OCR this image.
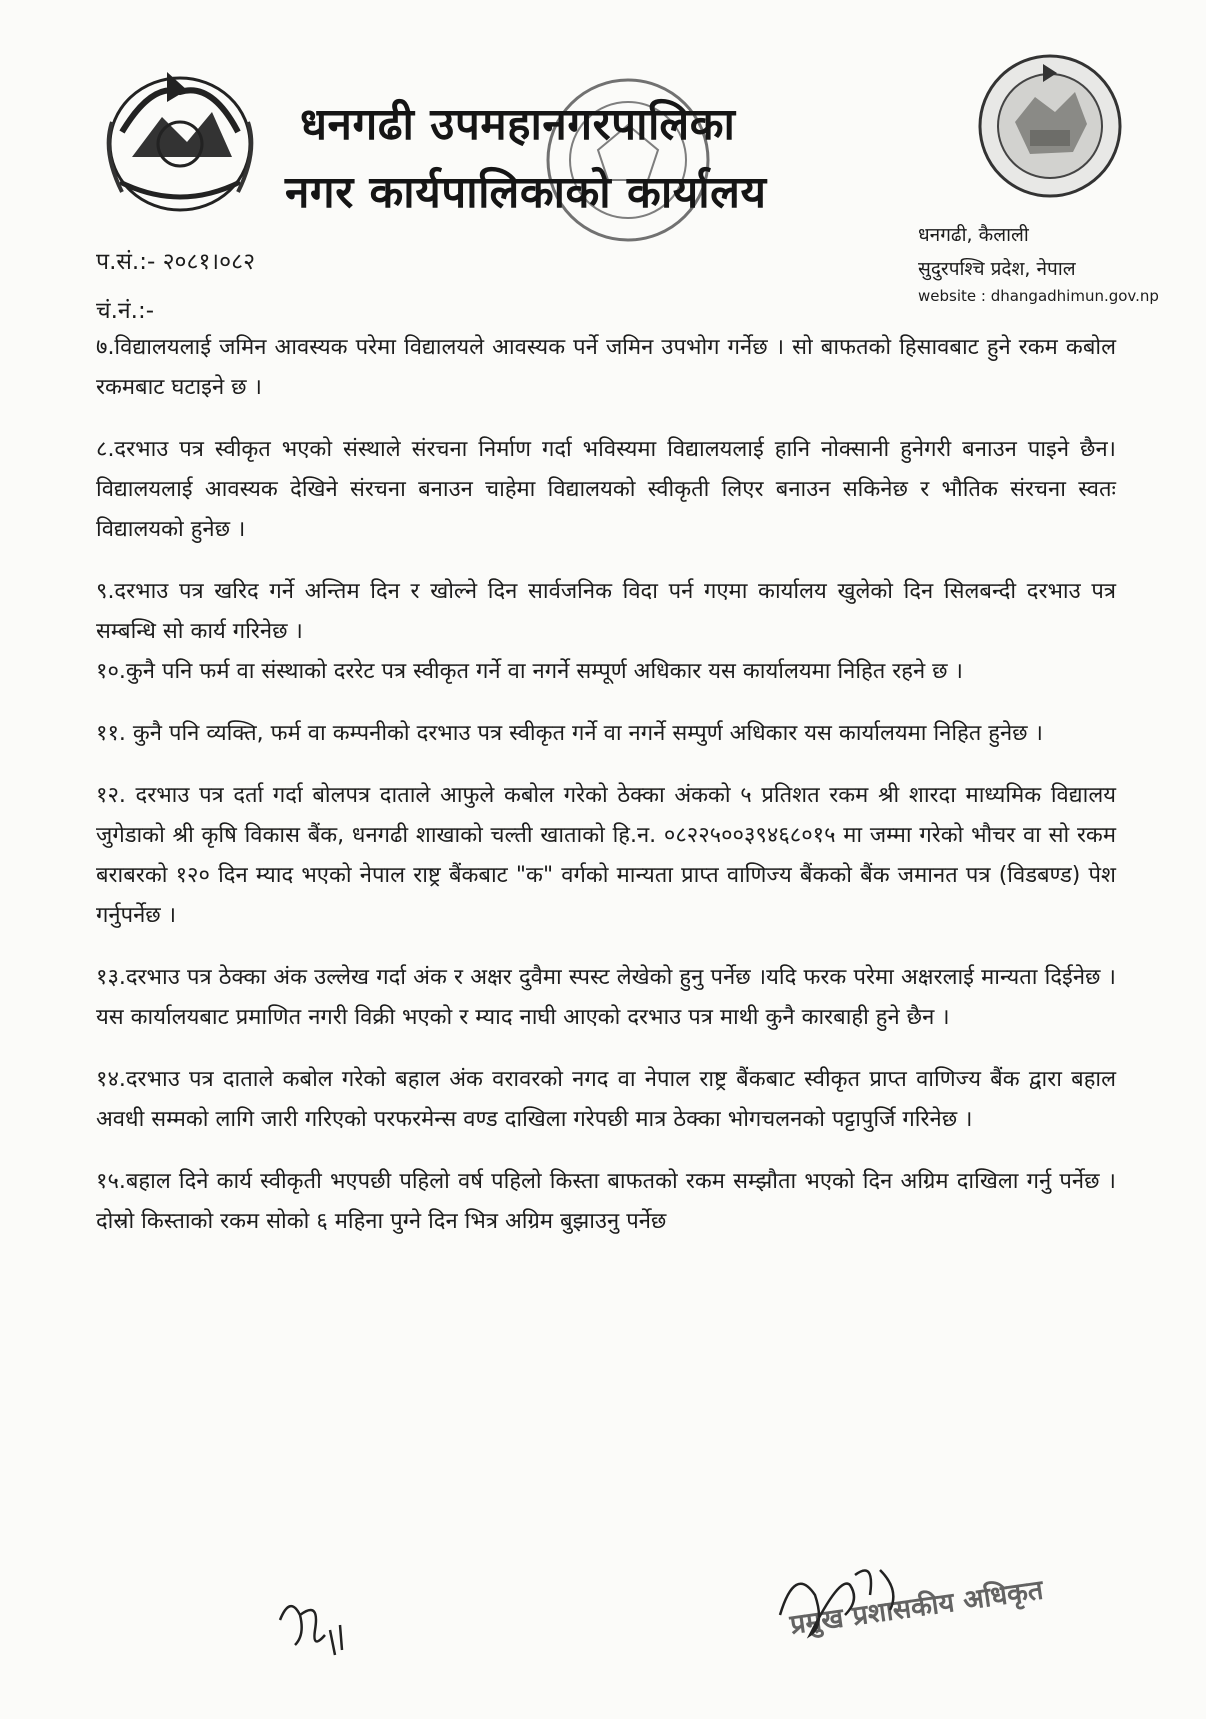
धनगढी उपमहानगरपालिका
नगर कार्यपालिकाको कार्यालय
धनगढी, कैलाली
सुदुरपश्चि प्रदेश, नेपाल
website : dhangadhimun.gov.np
प.सं.:- २०८१।०८२
चं.नं.:-

७.विद्यालयलाई जमिन आवस्यक परेमा विद्यालयले आवस्यक पर्ने जमिन उपभोग गर्नेछ । सो बाफतको हिसावबाट हुने रकम कबोल रकमबाट घटाइने छ ।

८.दरभाउ पत्र स्वीकृत भएको संस्थाले संरचना निर्माण गर्दा भविस्यमा विद्यालयलाई हानि नोक्सानी हुनेगरी बनाउन पाइने छैन। विद्यालयलाई आवस्यक देखिने संरचना बनाउन चाहेमा विद्यालयको स्वीकृती लिएर बनाउन सकिनेछ र भौतिक संरचना स्वतः विद्यालयको हुनेछ ।

९.दरभाउ पत्र खरिद गर्ने अन्तिम दिन र खोल्ने दिन सार्वजनिक विदा पर्न गएमा कार्यालय खुलेको दिन सिलबन्दी दरभाउ पत्र सम्बन्धि सो कार्य गरिनेछ ।

१०.कुनै पनि फर्म वा संस्थाको दररेट पत्र स्वीकृत गर्ने वा नगर्ने सम्पूर्ण अधिकार यस कार्यालयमा निहित रहने छ ।

११. कुनै पनि व्यक्ति, फर्म वा कम्पनीको दरभाउ पत्र स्वीकृत गर्ने वा नगर्ने सम्पुर्ण अधिकार यस कार्यालयमा निहित हुनेछ ।

१२. दरभाउ पत्र दर्ता गर्दा बोलपत्र दाताले आफुले कबोल गरेको ठेक्का अंकको ५ प्रतिशत रकम श्री शारदा माध्यमिक विद्यालय जुगेडाको श्री कृषि विकास बैंक, धनगढी शाखाको चल्ती खाताको हि.न. ०८२२५००३९४६८०१५ मा जम्मा गरेको भौचर वा सो रकम बराबरको १२० दिन म्याद भएको नेपाल राष्ट्र बैंकबाट "क" वर्गको मान्यता प्राप्त वाणिज्य बैंकको बैंक जमानत पत्र (विडबण्ड) पेश गर्नुपर्नेछ ।

१३.दरभाउ पत्र ठेक्का अंक उल्लेख गर्दा अंक र अक्षर दुवैमा स्पस्ट लेखेको हुनु पर्नेछ ।यदि फरक परेमा अक्षरलाई मान्यता दिईनेछ । यस कार्यालयबाट प्रमाणित नगरी विक्री भएको र म्याद नाघी आएको दरभाउ पत्र माथी कुनै कारबाही हुने छैन ।

१४.दरभाउ पत्र दाताले कबोल गरेको बहाल अंक वरावरको नगद वा नेपाल राष्ट्र बैंकबाट स्वीकृत प्राप्त वाणिज्य बैंक द्वारा बहाल अवधी सम्मको लागि जारी गरिएको परफरमेन्स वण्ड दाखिला गरेपछी मात्र ठेक्का भोगचलनको पट्टापुर्जि गरिनेछ ।

१५.बहाल दिने कार्य स्वीकृती भएपछी पहिलो वर्ष पहिलो किस्ता बाफतको रकम सम्झौता भएको दिन अग्रिम दाखिला गर्नु पर्नेछ ।दोस्रो किस्ताको रकम सोको ६ महिना पुग्ने दिन भित्र अग्रिम बुझाउनु पर्नेछ

प्रमुख प्रशासकीय अधिकृत
